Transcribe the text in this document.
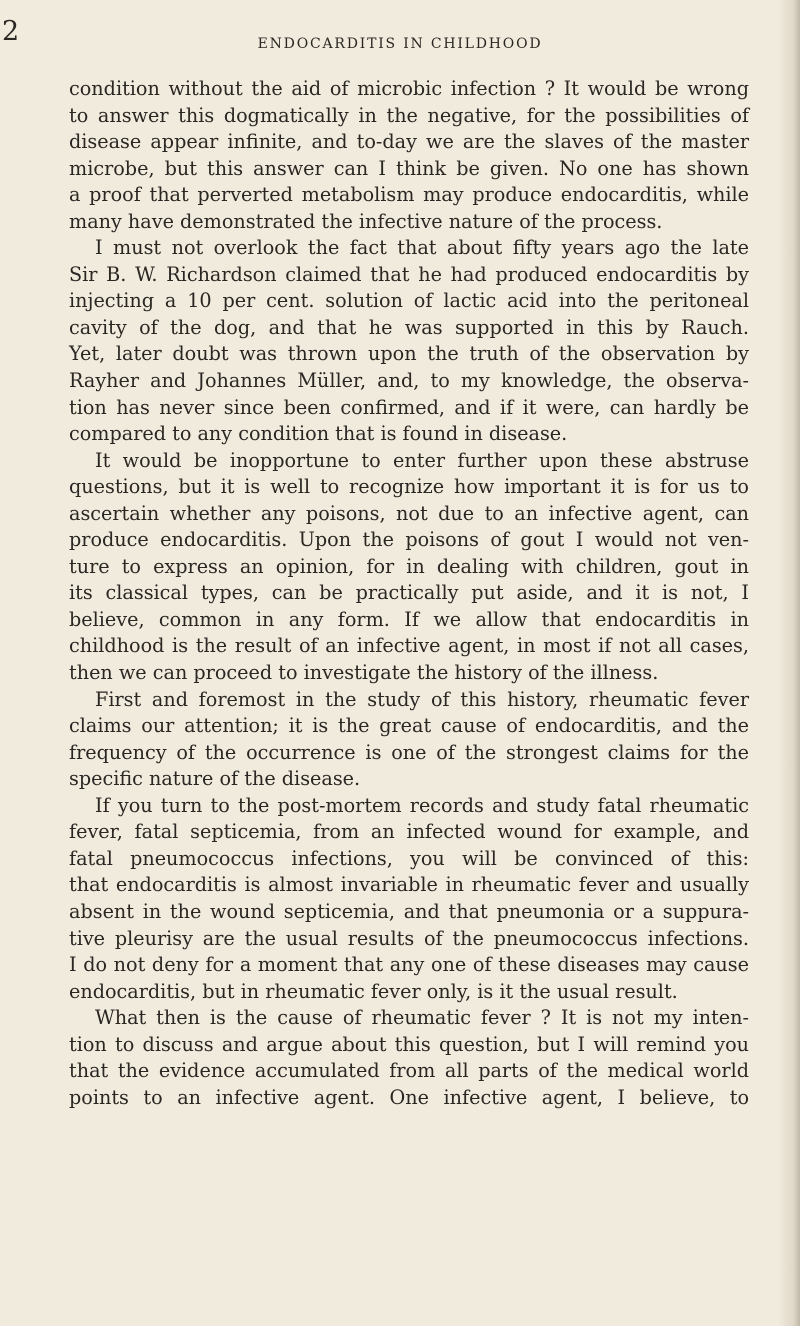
2	ENDOCARDITIS IN CHILDHOOD
condition without the aid of microbic infection ? It would be wrong
to answer this dogmatically in the negative, for the possibilities of
disease appear infinite, and to-day we are the slaves of the master
microbe, but this answer can I think be given. No one has shown
a proof that perverted metabolism may produce endocarditis, while
many have demonstrated the infective nature of the process.
I must not overlook the fact that about fifty years ago the late
Sir B. W. Richardson claimed that he had produced endocarditis by
injecting a 10 per cent. solution of lactic acid into the peritoneal
cavity of the dog, and that he was supported in this by Rauch.
Yet, later doubt was thrown upon the truth of the observation by
Rayher and Johannes Müller, and, to my knowledge, the observa-
tion has never since been confirmed, and if it were, can hardly be
compared to any condition that is found in disease.
It would be inopportune to enter further upon these abstruse
questions, but it is well to recognize how important it is for us to
ascertain whether any poisons, not due to an infective agent, can
produce endocarditis. Upon the poisons of gout I would not ven-
ture to express an opinion, for in dealing with children, gout in
its classical types, can be practically put aside, and it is not, I
believe, common in any form. If we allow that endocarditis in
childhood is the result of an infective agent, in most if not all cases,
then we can proceed to investigate the history of the illness.
First and foremost in the study of this history, rheumatic fever
claims our attention; it is the great cause of endocarditis, and the
frequency of the occurrence is one of the strongest claims for the
specific nature of the disease.
If you turn to the post-mortem records and study fatal rheumatic
fever, fatal septicemia, from an infected wound for example, and
fatal pneumococcus infections, you will be convinced of this:
that endocarditis is almost invariable in rheumatic fever and usually
absent in the wound septicemia, and that pneumonia or a suppura-
tive pleurisy are the usual results of the pneumococcus infections.
I do not deny for a moment that any one of these diseases may cause
endocarditis, but in rheumatic fever only, is it the usual result.
What then is the cause of rheumatic fever ? It is not my inten-
tion to discuss and argue about this question, but I will remind you
that the evidence accumulated from all parts of the medical world
points to an infective agent. One infective agent, I believe, to
